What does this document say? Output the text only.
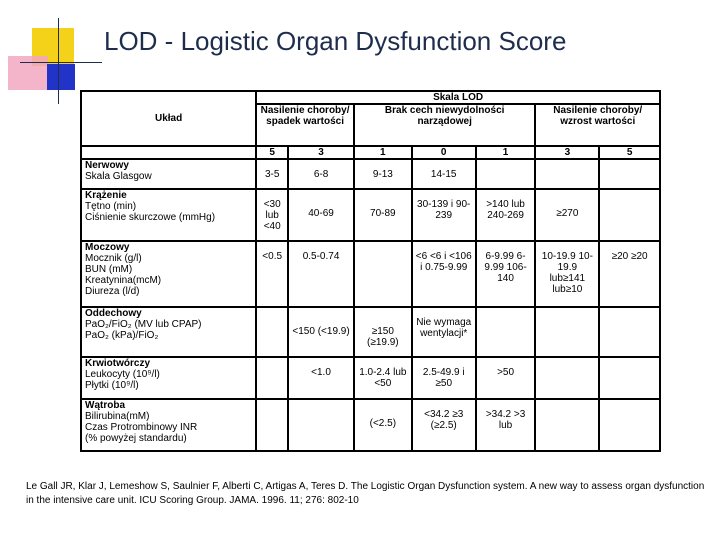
LOD - Logistic Organ Dysfunction Score
Układ	Skala LOD						
	Nasilenie choroby/ spadek wartości		Brak cech niewydolności narządowej			Nasilenie choroby/ wzrost wartości	
	5	3	1	0	1	3	5

Nerwowy
Skala Glasgow	3-5	6-8	9-13	14-15			

Krążenie
Tętno (min)
Ciśnienie skurczowe (mmHg)	<30 lub <40	40-69	70-89	30-139 i 90-239	>140 lub 240-269	≥270	

Moczowy
Mocznik (g/l)
BUN (mM)
Kreatynina(mcM)
Diureza (l/d)	<0.5	0.5-0.74		<6 <6 i <106 i 0.75-9.99	6-9.99 6-9.99 106-140	10-19.9 10-19.9 lub≥141 lub≥10	≥20 ≥20

Oddechowy
PaO₂/FiO₂ (MV lub CPAP)
PaO₂ (kPa)/FiO₂		<150 (<19.9)	≥150 (≥19.9)	Nie wymaga wentylacji*			

Krwiotwórczy
Leukocyty (10⁹/l)
Płytki (10⁹/l)		<1.0	1.0-2.4 lub <50	2.5-49.9 i ≥50	>50		

Wątroba
Bilirubina(mM)
Czas Protrombinowy INR
(% powyżej standardu)			(<2.5)	<34.2 ≥3 (≥2.5)	>34.2 >3 lub		
Le Gall JR, Klar J, Lemeshow S, Saulnier F, Alberti C, Artigas A, Teres D. The Logistic Organ Dysfunction system. A new way to assess organ dysfunction in the intensive care unit. ICU Scoring Group. JAMA. 1996. 11; 276: 802-10
